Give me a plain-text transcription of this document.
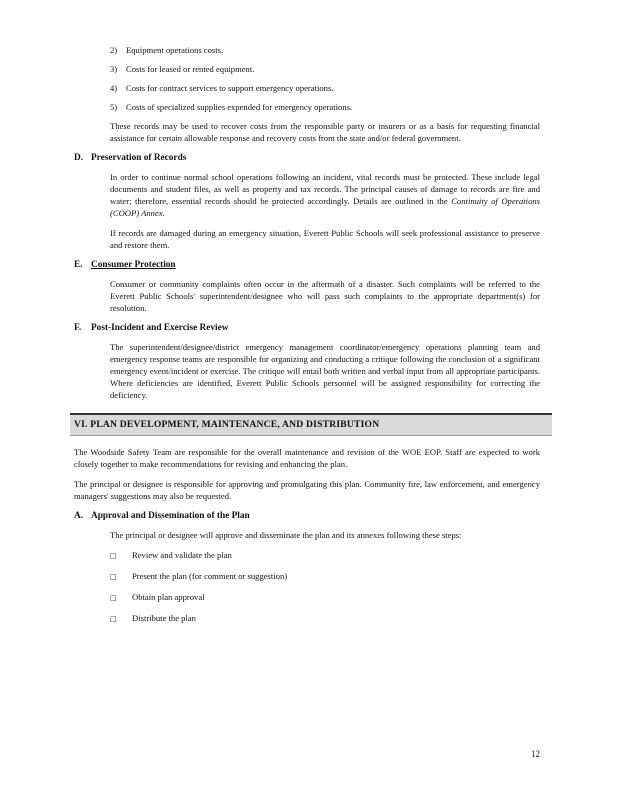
2) Equipment operations costs.
3) Costs for leased or rented equipment.
4) Costs for contract services to support emergency operations.
5) Costs of specialized supplies expended for emergency operations.
These records may be used to recover costs from the responsible party or insurers or as a basis for requesting financial assistance for certain allowable response and recovery costs from the state and/or federal government.
D. Preservation of Records
In order to continue normal school operations following an incident, vital records must be protected. These include legal documents and student files, as well as property and tax records. The principal causes of damage to records are fire and water; therefore, essential records should be protected accordingly. Details are outlined in the Continuity of Operations (COOP) Annex.
If records are damaged during an emergency situation, Everett Public Schools will seek professional assistance to preserve and restore them.
E. Consumer Protection
Consumer or community complaints often occur in the aftermath of a disaster. Such complaints will be referred to the Everett Public Schools' superintendent/designee who will pass such complaints to the appropriate department(s) for resolution.
F. Post-Incident and Exercise Review
The superintendent/designee/district emergency management coordinator/emergency operations planning team and emergency response teams are responsible for organizing and conducting a critique following the conclusion of a significant emergency event/incident or exercise. The critique will entail both written and verbal input from all appropriate participants. Where deficiencies are identified, Everett Public Schools personnel will be assigned responsibility for correcting the deficiency.
VI. PLAN DEVELOPMENT, MAINTENANCE, AND DISTRIBUTION
The Woodside Safety Team are responsible for the overall maintenance and revision of the WOE EOP. Staff are expected to work closely together to make recommendations for revising and enhancing the plan.
The principal or designee is responsible for approving and promulgating this plan. Community fire, law enforcement, and emergency managers' suggestions may also be requested.
A. Approval and Dissemination of the Plan
The principal or designee will approve and disseminate the plan and its annexes following these steps:
□ Review and validate the plan
□ Present the plan (for comment or suggestion)
□ Obtain plan approval
□ Distribute the plan
12
